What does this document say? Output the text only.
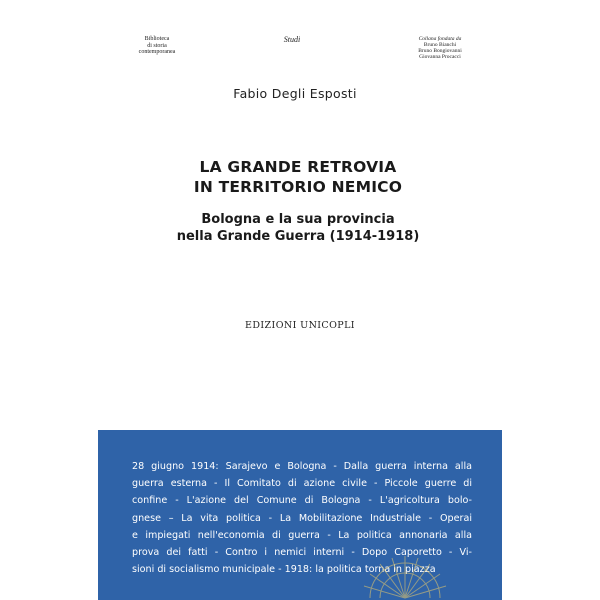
Biblioteca
di storia
contemporanea
Studi	Collana fondata da
Bruno Bianchi
Bruno Bongiovanni
Giovanna Procacci
Fabio Degli Esposti
LA GRANDE RETROVIA
IN TERRITORIO NEMICO
Bologna e la sua provincia
nella Grande Guerra (1914-1918)
EDIZIONI UNICOPLI
28 giugno 1914: Sarajevo e Bologna - Dalla guerra interna alla
guerra esterna - Il Comitato di azione civile - Piccole guerre di
confine - L'azione del Comune di Bologna - L'agricoltura bolo-
gnese – La vita politica - La Mobilitazione Industriale - Operai
e impiegati nell'economia di guerra - La politica annonaria alla
prova dei fatti - Contro i nemici interni - Dopo Caporetto - Vi-
sioni di socialismo municipale - 1918: la politica torna in piazza
